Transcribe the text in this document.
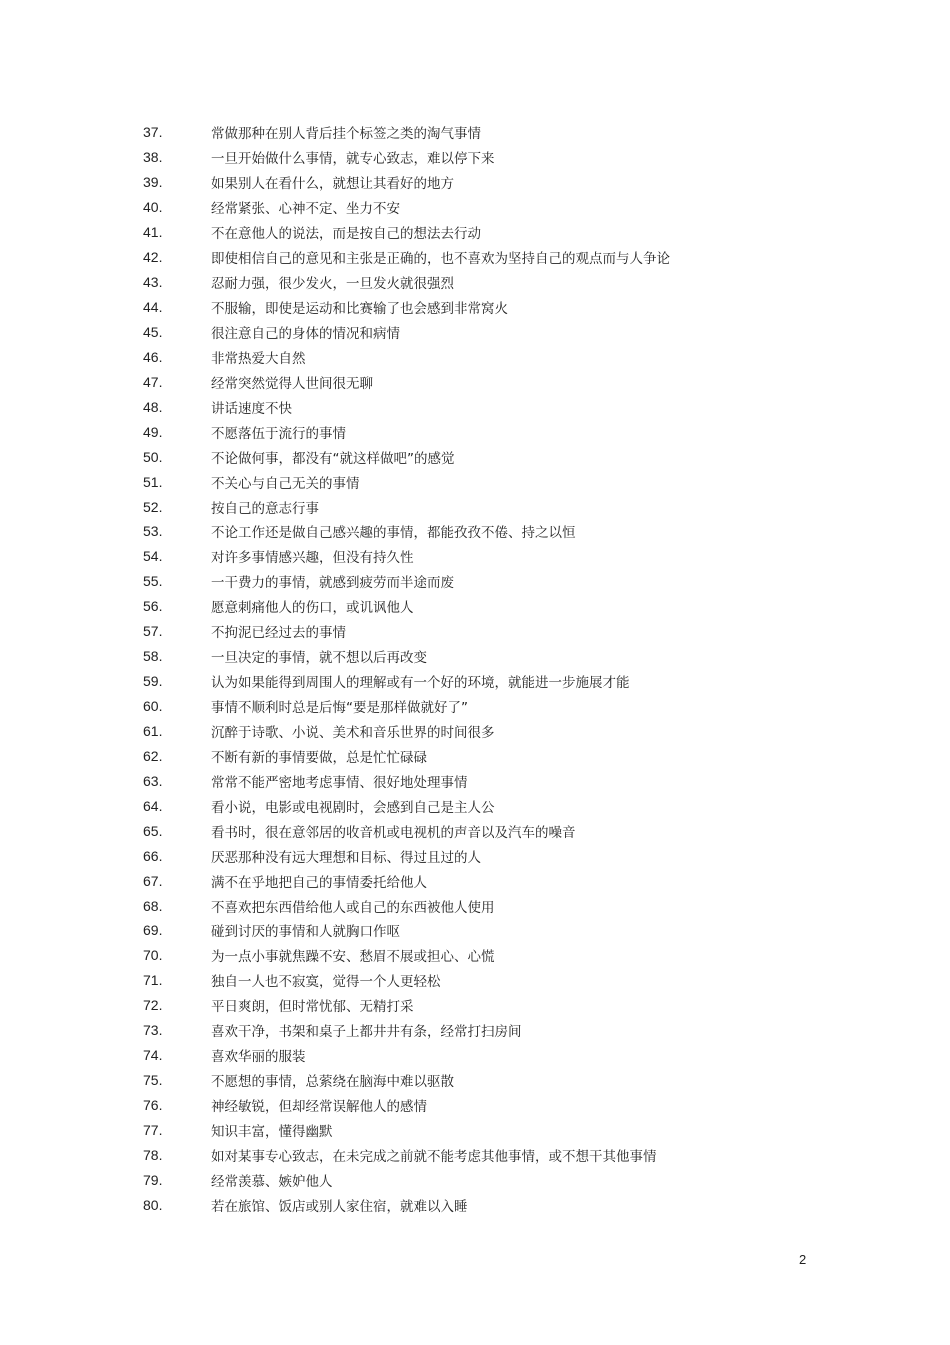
37.	常做那种在别人背后挂个标签之类的淘气事情
38.	一旦开始做什么事情，就专心致志，难以停下来
39.	如果别人在看什么，就想让其看好的地方
40.	经常紧张、心神不定、坐力不安
41.	不在意他人的说法，而是按自己的想法去行动
42.	即使相信自己的意见和主张是正确的，也不喜欢为坚持自己的观点而与人争论
43.	忍耐力强，很少发火，一旦发火就很强烈
44.	不服输，即使是运动和比赛输了也会感到非常窝火
45.	很注意自己的身体的情况和病情
46.	非常热爱大自然
47.	经常突然觉得人世间很无聊
48.	讲话速度不快
49.	不愿落伍于流行的事情
50.	不论做何事，都没有“就这样做吧”的感觉
51.	不关心与自己无关的事情
52.	按自己的意志行事
53.	不论工作还是做自己感兴趣的事情，都能孜孜不倦、持之以恒
54.	对许多事情感兴趣，但没有持久性
55.	一干费力的事情，就感到疲劳而半途而废
56.	愿意刺痛他人的伤口，或讥讽他人
57.	不拘泥已经过去的事情
58.	一旦决定的事情，就不想以后再改变
59.	认为如果能得到周围人的理解或有一个好的环境，就能进一步施展才能
60.	事情不顺利时总是后悔“要是那样做就好了”
61.	沉醉于诗歌、小说、美术和音乐世界的时间很多
62.	不断有新的事情要做，总是忙忙碌碌
63.	常常不能严密地考虑事情、很好地处理事情
64.	看小说，电影或电视剧时，会感到自己是主人公
65.	看书时，很在意邻居的收音机或电视机的声音以及汽车的噪音
66.	厌恶那种没有远大理想和目标、得过且过的人
67.	满不在乎地把自己的事情委托给他人
68.	不喜欢把东西借给他人或自己的东西被他人使用
69.	碰到讨厌的事情和人就胸口作呕
70.	为一点小事就焦躁不安、愁眉不展或担心、心慌
71.	独自一人也不寂寞，觉得一个人更轻松
72.	平日爽朗，但时常忧郁、无精打采
73.	喜欢干净，书架和桌子上都井井有条，经常打扫房间
74.	喜欢华丽的服装
75.	不愿想的事情，总萦绕在脑海中难以驱散
76.	神经敏锐，但却经常误解他人的感情
77.	知识丰富，懂得幽默
78.	如对某事专心致志，在未完成之前就不能考虑其他事情，或不想干其他事情
79.	经常羡慕、嫉妒他人
80.	若在旅馆、饭店或别人家住宿，就难以入睡
2
